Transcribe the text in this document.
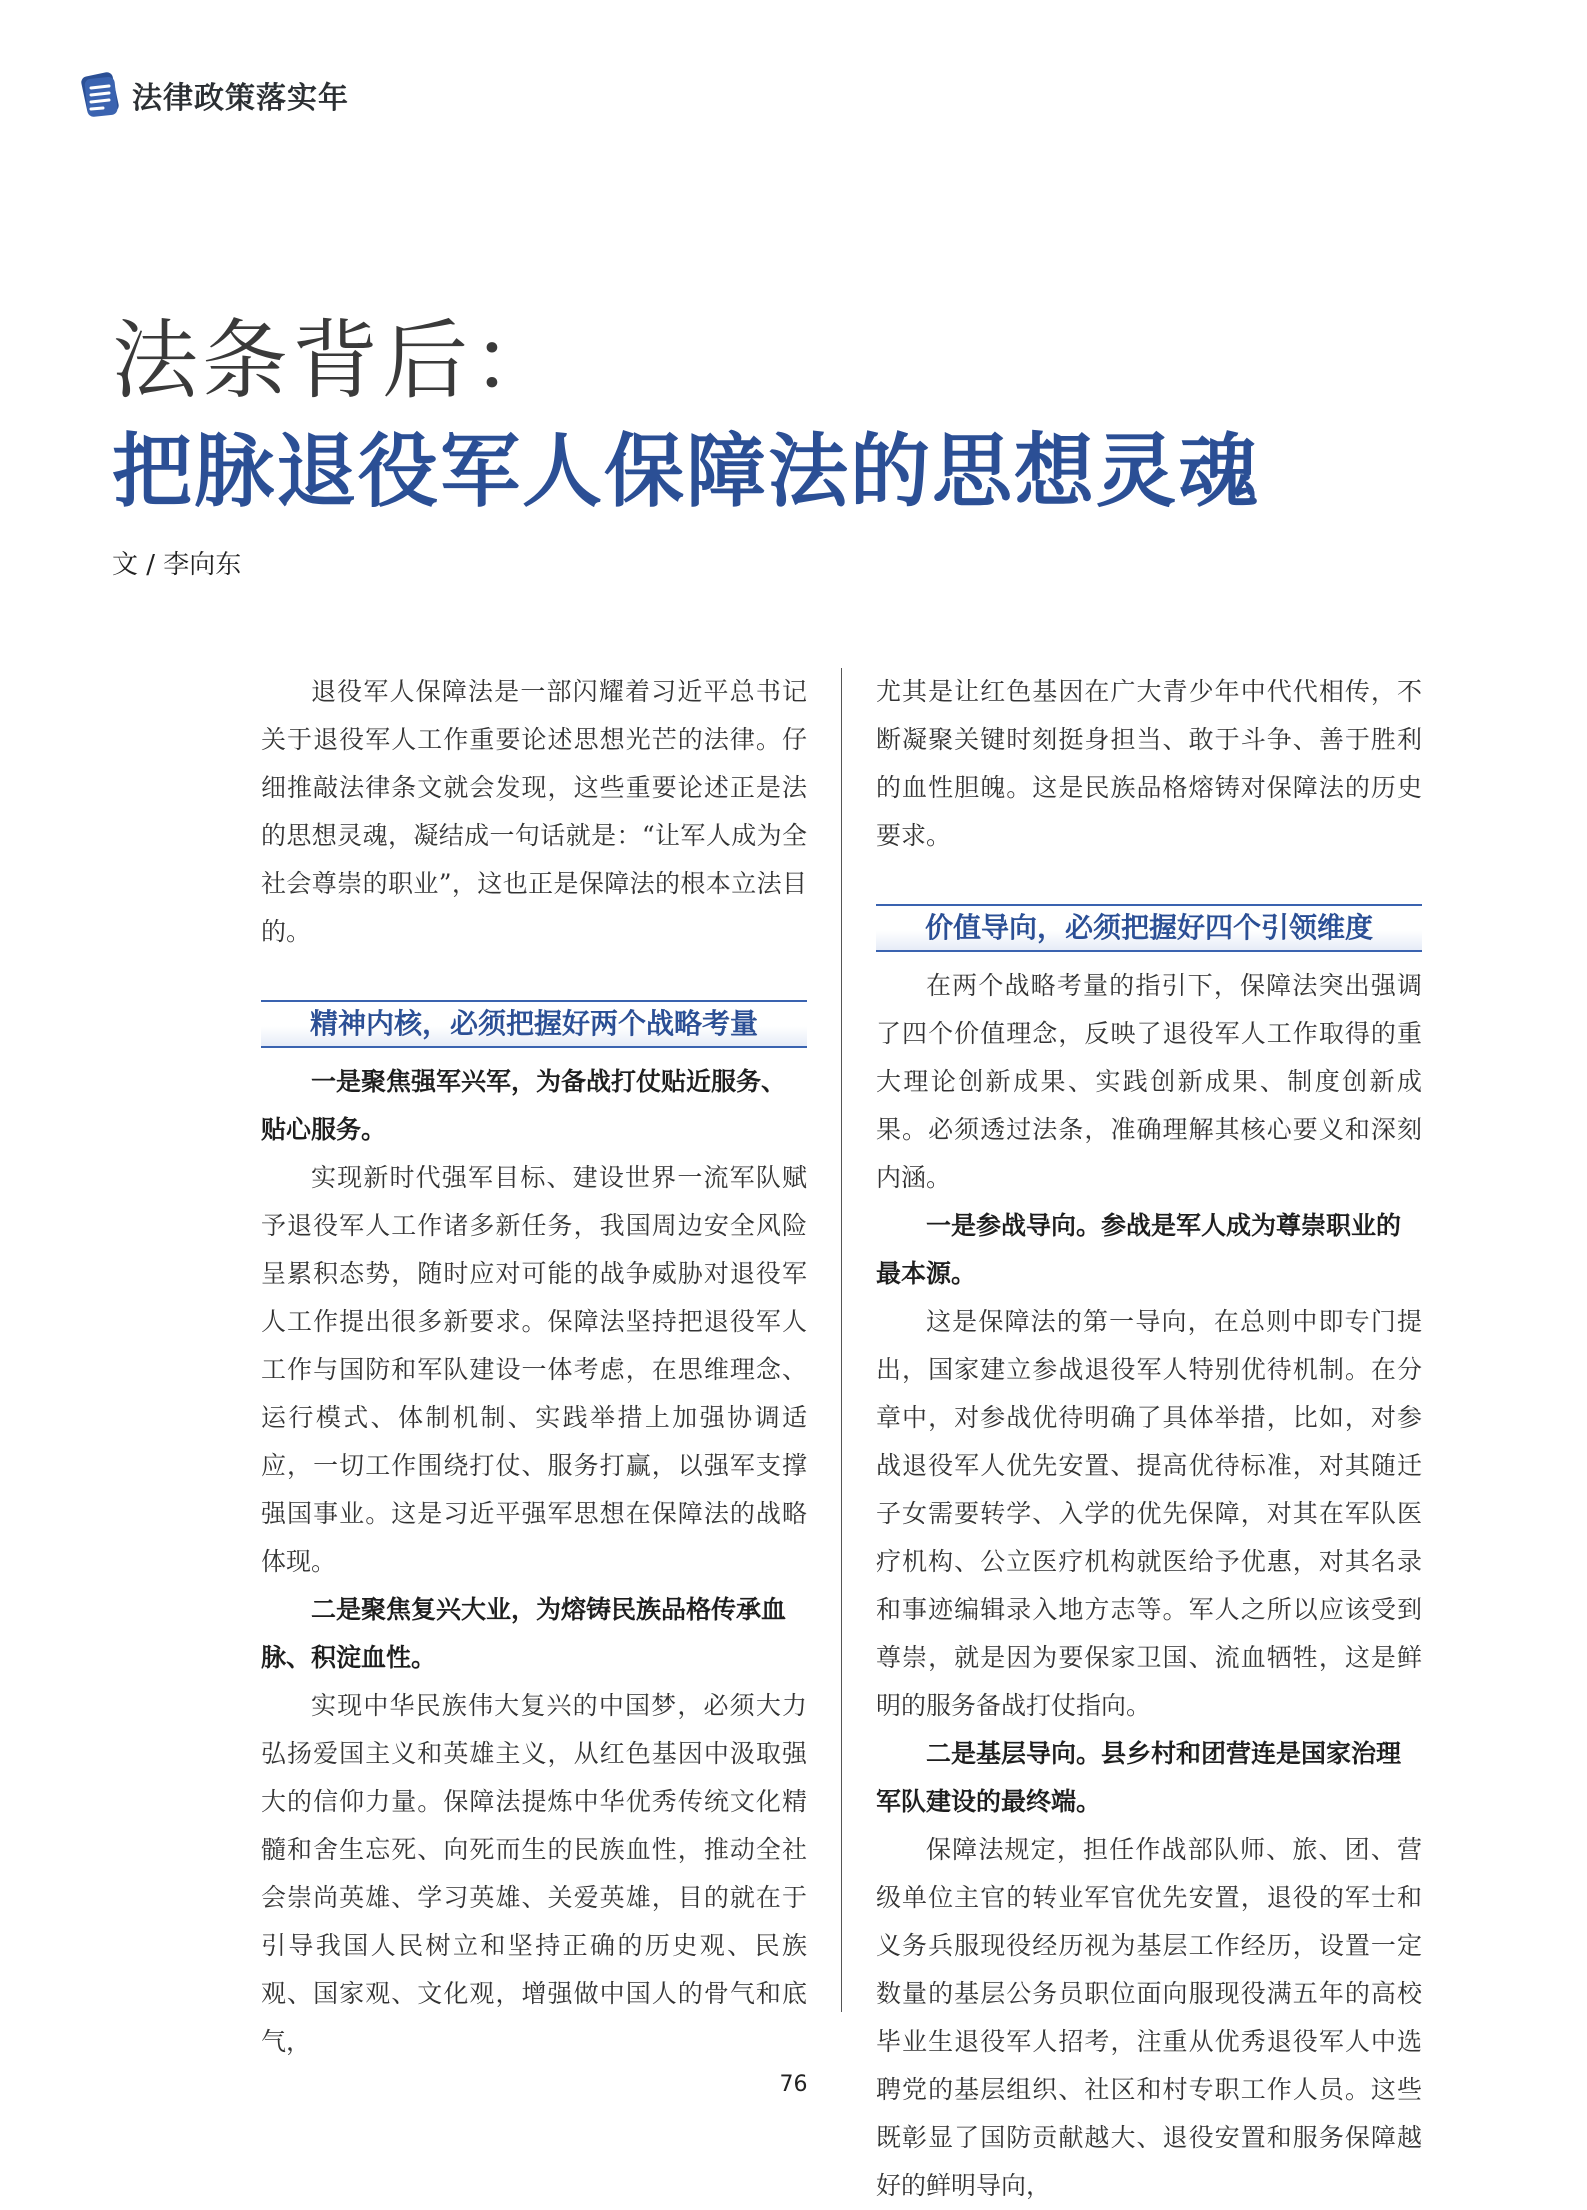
法律政策落实年
法条背后：
把脉退役军人保障法的思想灵魂
文 / 李向东

退役军人保障法是一部闪耀着习近平总书记关于退役军人工作重要论述思想光芒的法律。仔细推敲法律条文就会发现，这些重要论述正是法的思想灵魂，凝结成一句话就是：“让军人成为全社会尊崇的职业”，这也正是保障法的根本立法目的。

精神内核，必须把握好两个战略考量

一是聚焦强军兴军，为备战打仗贴近服务、贴心服务。

实现新时代强军目标、建设世界一流军队赋予退役军人工作诸多新任务，我国周边安全风险呈累积态势，随时应对可能的战争威胁对退役军人工作提出很多新要求。保障法坚持把退役军人工作与国防和军队建设一体考虑，在思维理念、运行模式、体制机制、实践举措上加强协调适应，一切工作围绕打仗、服务打赢，以强军支撑强国事业。这是习近平强军思想在保障法的战略体现。

二是聚焦复兴大业，为熔铸民族品格传承血脉、积淀血性。

实现中华民族伟大复兴的中国梦，必须大力弘扬爱国主义和英雄主义，从红色基因中汲取强大的信仰力量。保障法提炼中华优秀传统文化精髓和舍生忘死、向死而生的民族血性，推动全社会崇尚英雄、学习英雄、关爱英雄，目的就在于引导我国人民树立和坚持正确的历史观、民族观、国家观、文化观，增强做中国人的骨气和底气，

尤其是让红色基因在广大青少年中代代相传，不断凝聚关键时刻挺身担当、敢于斗争、善于胜利的血性胆魄。这是民族品格熔铸对保障法的历史要求。

价值导向，必须把握好四个引领维度

在两个战略考量的指引下，保障法突出强调了四个价值理念，反映了退役军人工作取得的重大理论创新成果、实践创新成果、制度创新成果。必须透过法条，准确理解其核心要义和深刻内涵。

一是参战导向。参战是军人成为尊崇职业的最本源。

这是保障法的第一导向，在总则中即专门提出，国家建立参战退役军人特别优待机制。在分章中，对参战优待明确了具体举措，比如，对参战退役军人优先安置、提高优待标准，对其随迁子女需要转学、入学的优先保障，对其在军队医疗机构、公立医疗机构就医给予优惠，对其名录和事迹编辑录入地方志等。军人之所以应该受到尊崇，就是因为要保家卫国、流血牺牲，这是鲜明的服务备战打仗指向。

二是基层导向。县乡村和团营连是国家治理军队建设的最终端。

保障法规定，担任作战部队师、旅、团、营级单位主官的转业军官优先安置，退役的军士和义务兵服现役经历视为基层工作经历，设置一定数量的基层公务员职位面向服现役满五年的高校毕业生退役军人招考，注重从优秀退役军人中选聘党的基层组织、社区和村专职工作人员。这些既彰显了国防贡献越大、退役安置和服务保障越好的鲜明导向，

76
